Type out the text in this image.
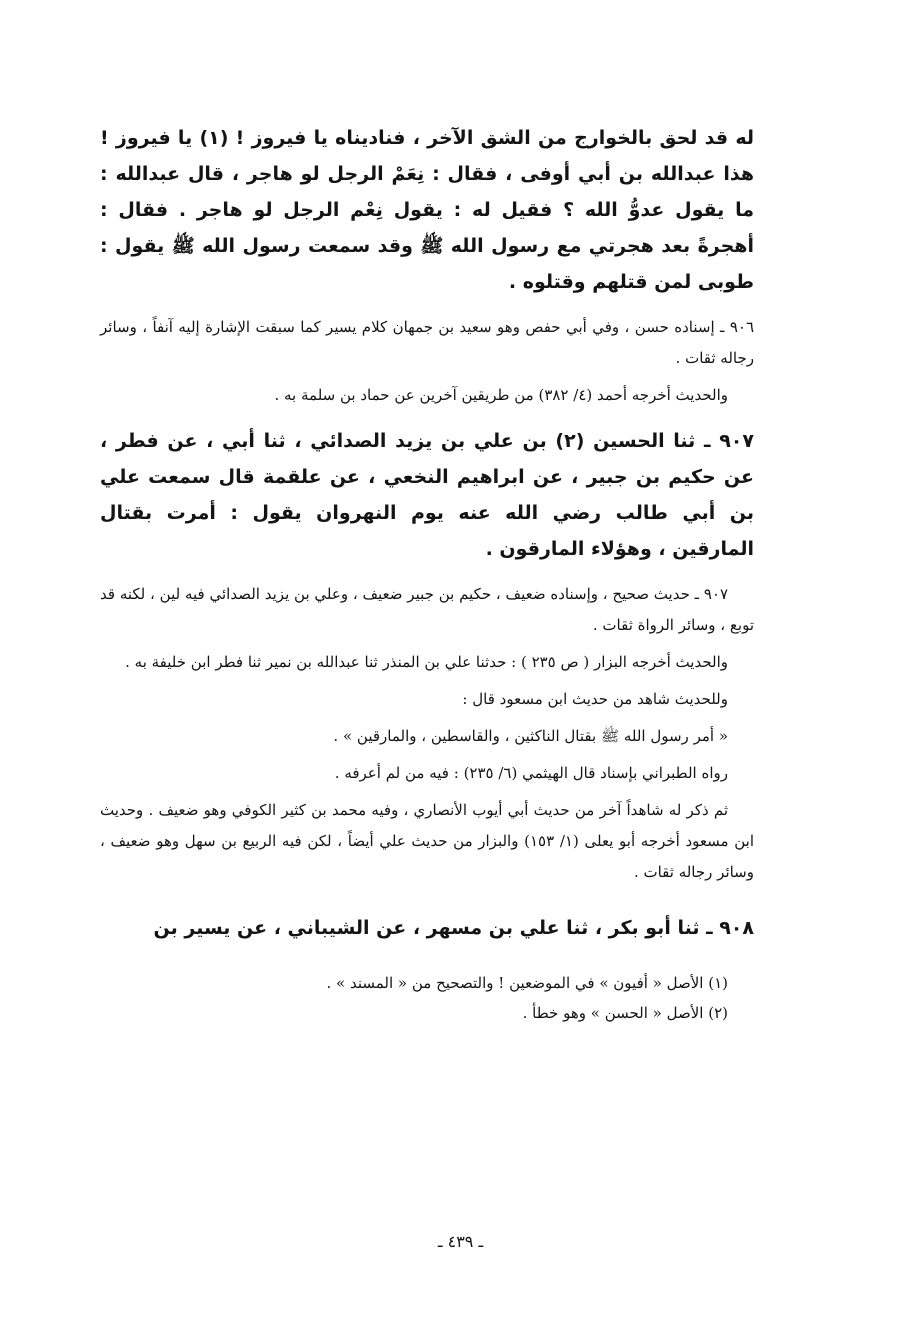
له قد لحق بالخوارج من الشق الآخر ، فناديناه يا فيروز ! (١) يا فيروز ! هذا عبدالله بن أبي أوفى ، فقال : نِعَمْ الرجل لو هاجر ، قال عبدالله : ما يقول عدوُّ الله ؟ فقيل له : يقول نِعْم الرجل لو هاجر . فقال : أهجرةً بعد هجرتي مع رسول الله ﷺ وقد سمعت رسول الله ﷺ يقول : طوبى لمن قتلهم وقتلوه .

٩٠٦ ـ إسناده حسن ، وفي أبي حفص وهو سعيد بن جمهان كلام يسير كما سبقت الإشارة إليه آنفاً ، وسائر رجاله ثقات .

والحديث أخرجه أحمد (٤/ ٣٨٢) من طريقين آخرين عن حماد بن سلمة به .

٩٠٧ ـ ثنا الحسين (٢) بن علي بن يزيد الصدائي ، ثنا أبي ، عن فطر ، عن حكيم بن جبير ، عن ابراهيم النخعي ، عن علقمة قال سمعت علي بن أبي طالب رضي الله عنه يوم النهروان يقول : أمرت بقتال المارقين ، وهؤلاء المارقون .

٩٠٧ ـ حديث صحيح ، وإسناده ضعيف ، حكيم بن جبير ضعيف ، وعلي بن يزيد الصدائي فيه لين ، لكنه قد توبع ، وسائر الرواة ثقات .

والحديث أخرجه البزار ( ص ٢٣٥ ) : حدثنا علي بن المنذر ثنا عبدالله بن نمير ثنا فطر ابن خليفة به .

وللحديث شاهد من حديث ابن مسعود قال :

« أمر رسول الله ﷺ بقتال الناكثين ، والقاسطين ، والمارقين » .

رواه الطبراني بإسناد قال الهيثمي (٦/ ٢٣٥) : فيه من لم أعرفه .

ثم ذكر له شاهداً آخر من حديث أبي أيوب الأنصاري ، وفيه محمد بن كثير الكوفي وهو ضعيف . وحديث ابن مسعود أخرجه أبو يعلى (١/ ١٥٣) والبزار من حديث علي أيضاً ، لكن فيه الربيع بن سهل وهو ضعيف ، وسائر رجاله ثقات .

٩٠٨ ـ ثنا أبو بكر ، ثنا علي بن مسهر ، عن الشيباني ، عن يسير بن

(١) الأصل « أفيون » في الموضعين ! والتصحيح من « المسند » .

(٢) الأصل « الحسن » وهو خطأ .

ـ ٤٣٩ ـ
